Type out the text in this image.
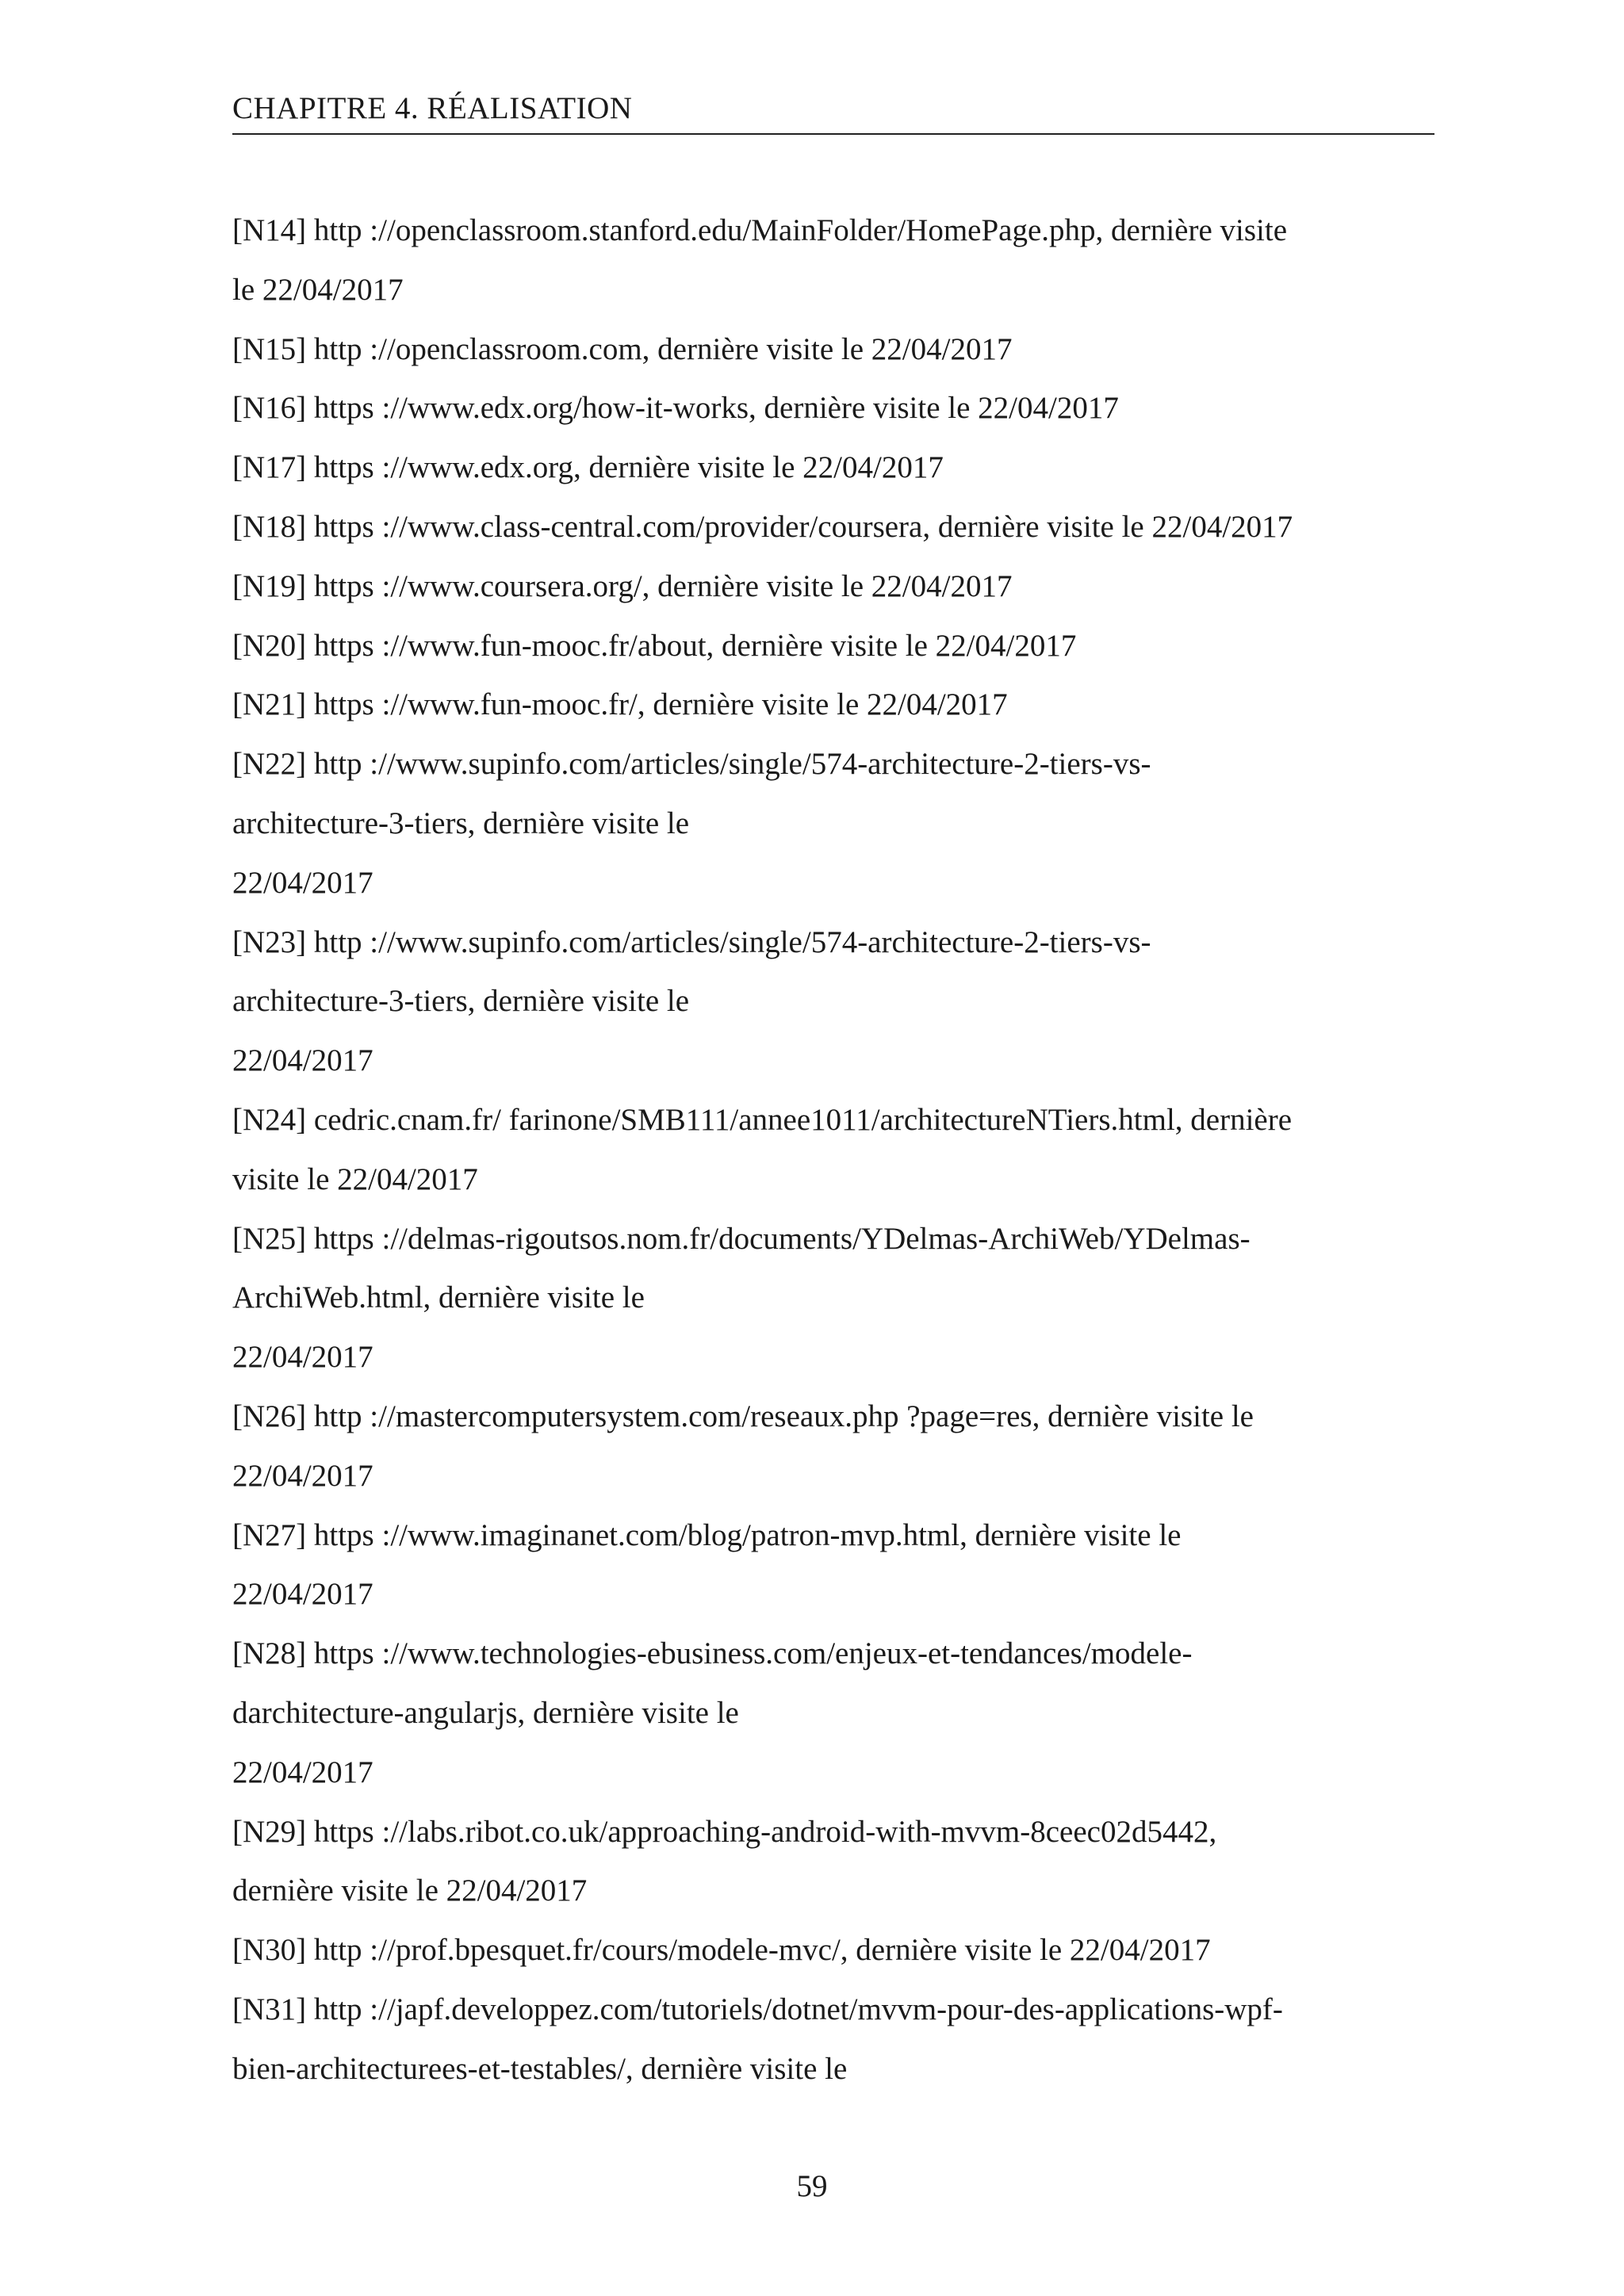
CHAPITRE 4. RÉALISATION
[N14] http ://openclassroom.stanford.edu/MainFolder/HomePage.php, dernière visite
le 22/04/2017
[N15] http ://openclassroom.com, dernière visite le 22/04/2017
[N16] https ://www.edx.org/how-it-works, dernière visite le 22/04/2017
[N17] https ://www.edx.org, dernière visite le 22/04/2017
[N18] https ://www.class-central.com/provider/coursera, dernière visite le 22/04/2017
[N19] https ://www.coursera.org/, dernière visite le 22/04/2017
[N20] https ://www.fun-mooc.fr/about, dernière visite le 22/04/2017
[N21] https ://www.fun-mooc.fr/, dernière visite le 22/04/2017
[N22] http ://www.supinfo.com/articles/single/574-architecture-2-tiers-vs-
architecture-3-tiers, dernière visite le
22/04/2017
[N23] http ://www.supinfo.com/articles/single/574-architecture-2-tiers-vs-
architecture-3-tiers, dernière visite le
22/04/2017
[N24] cedric.cnam.fr/ farinone/SMB111/annee1011/architectureNTiers.html, dernière
visite le 22/04/2017
[N25] https ://delmas-rigoutsos.nom.fr/documents/YDelmas-ArchiWeb/YDelmas-
ArchiWeb.html, dernière visite le
22/04/2017
[N26] http ://mastercomputersystem.com/reseaux.php ?page=res, dernière visite le
22/04/2017
[N27] https ://www.imaginanet.com/blog/patron-mvp.html, dernière visite le
22/04/2017
[N28] https ://www.technologies-ebusiness.com/enjeux-et-tendances/modele-
darchitecture-angularjs, dernière visite le
22/04/2017
[N29] https ://labs.ribot.co.uk/approaching-android-with-mvvm-8ceec02d5442,
dernière visite le 22/04/2017
[N30] http ://prof.bpesquet.fr/cours/modele-mvc/, dernière visite le 22/04/2017
[N31] http ://japf.developpez.com/tutoriels/dotnet/mvvm-pour-des-applications-wpf-
bien-architecturees-et-testables/, dernière visite le
59
